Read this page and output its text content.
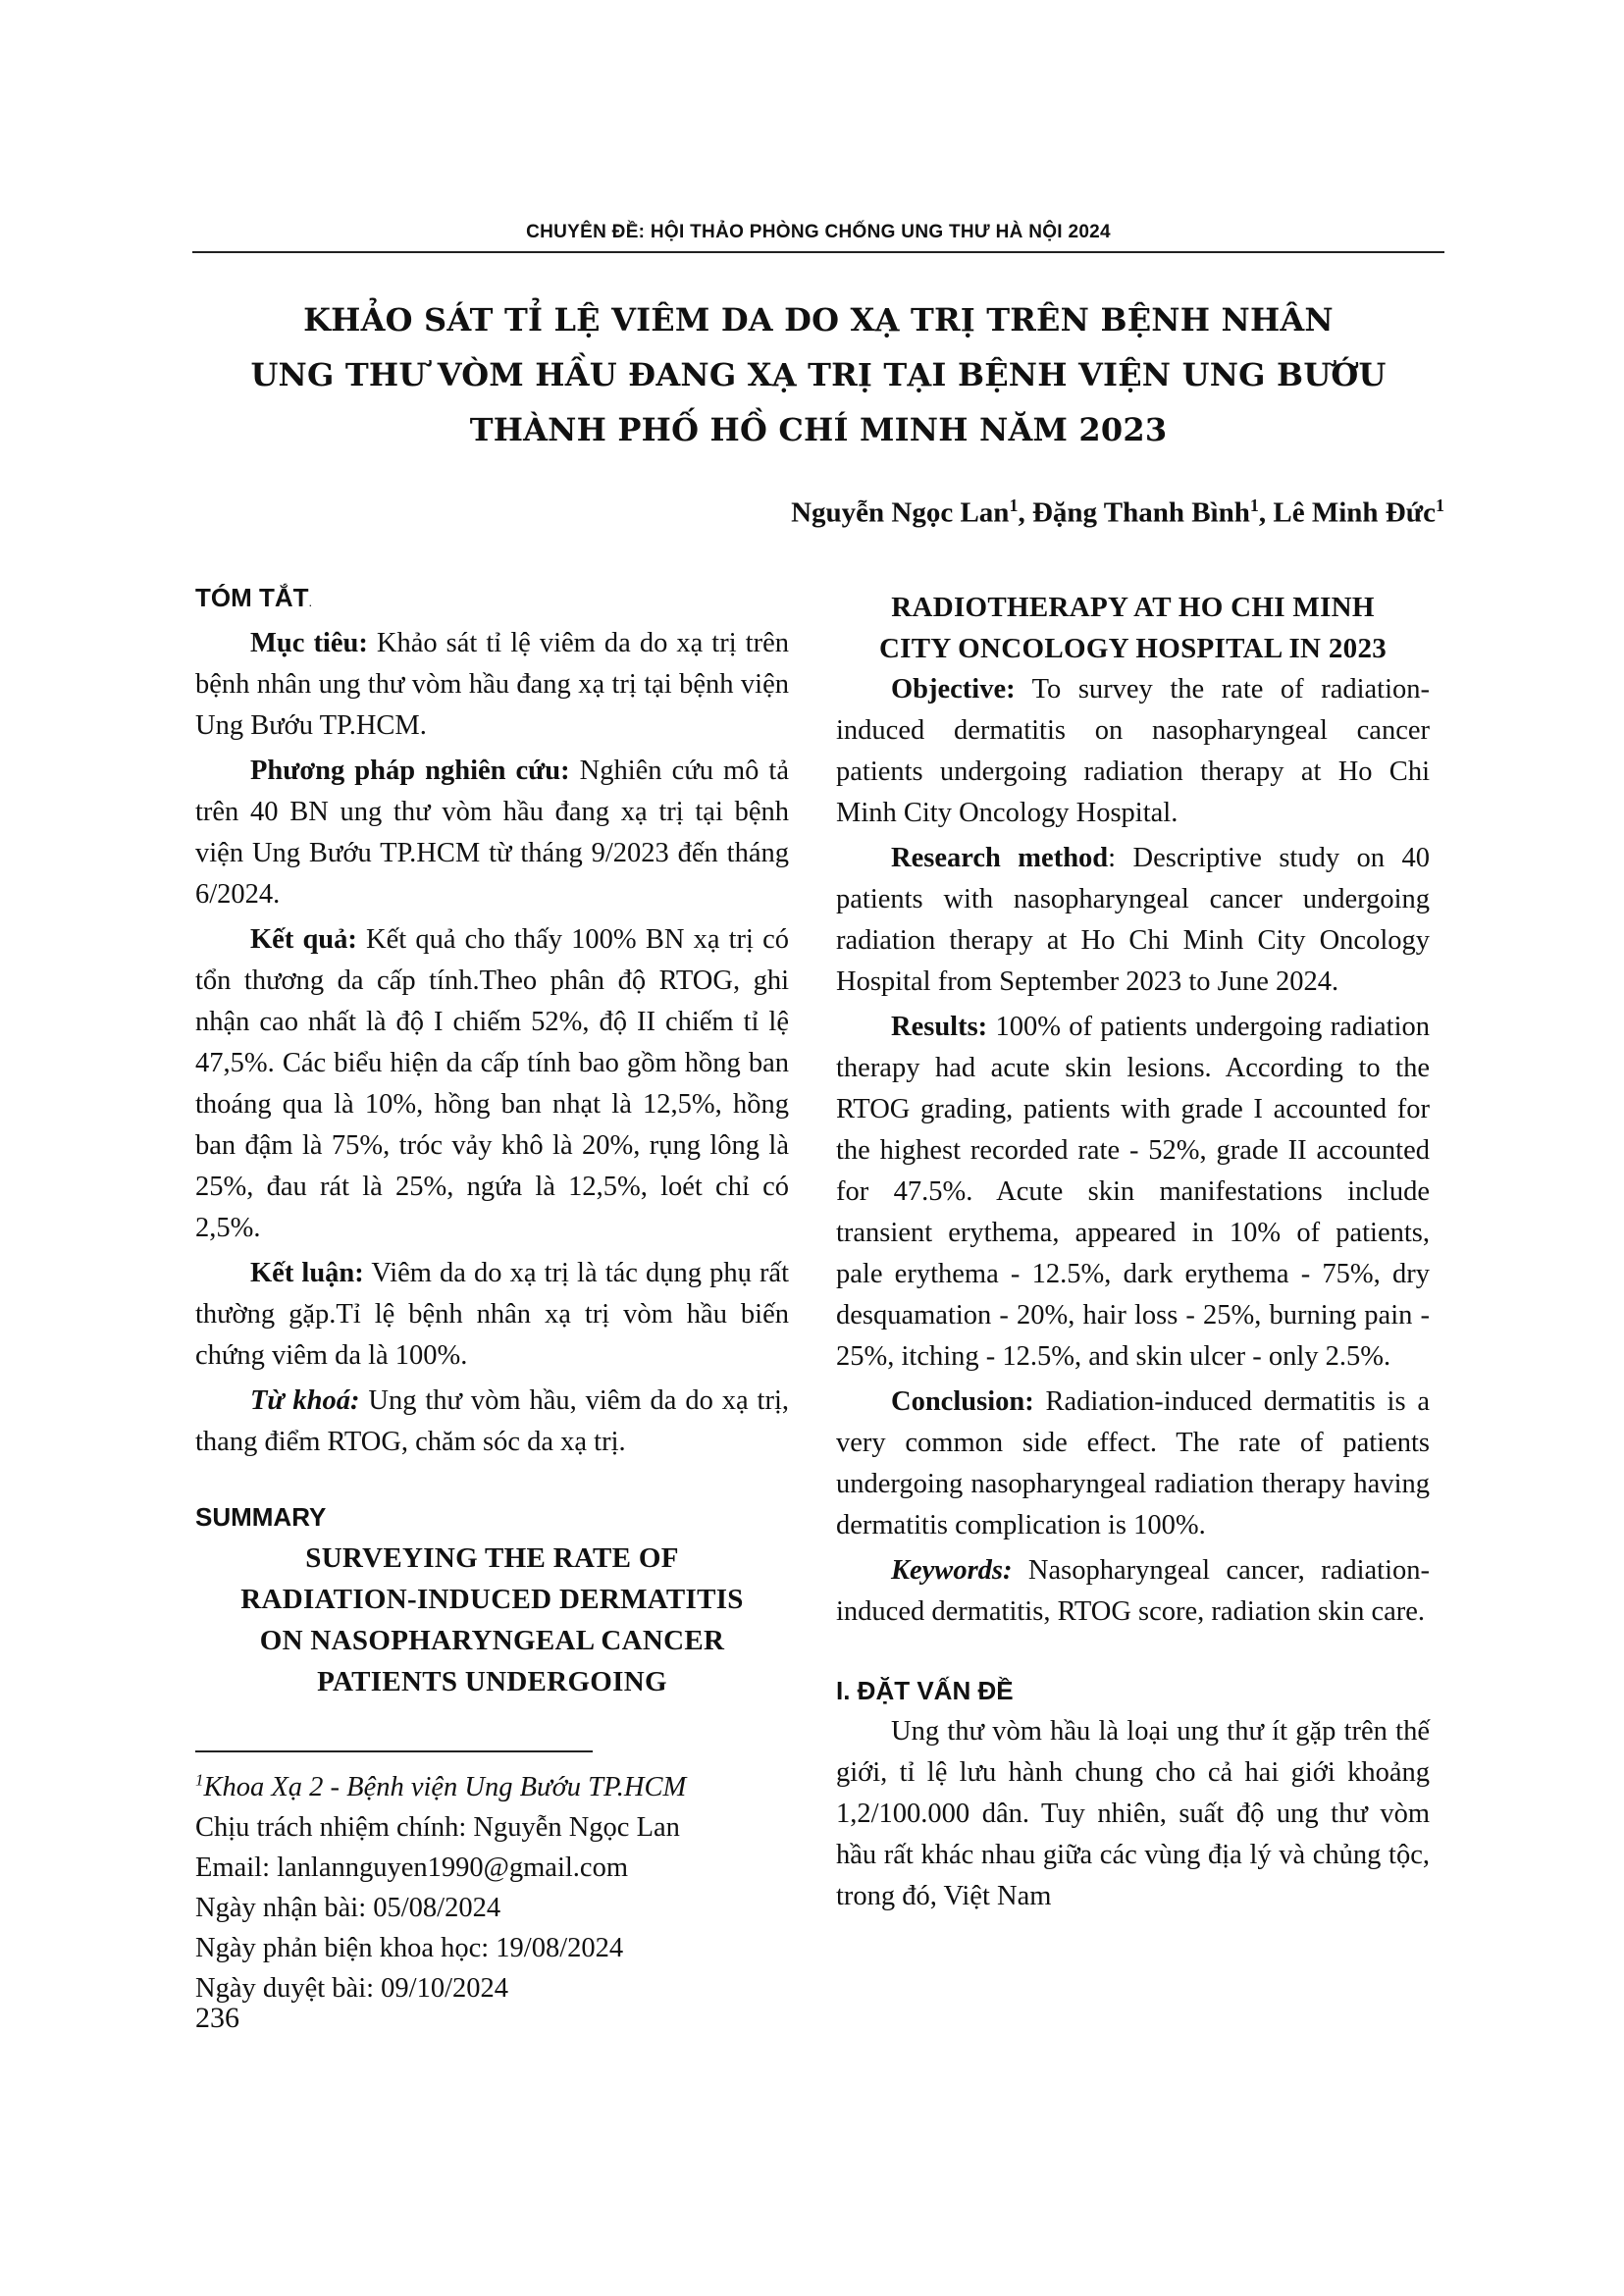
CHUYÊN ĐỀ: HỘI THẢO PHÒNG CHỐNG UNG THƯ HÀ NỘI 2024
KHẢO SÁT TỈ LỆ VIÊM DA DO XẠ TRỊ TRÊN BỆNH NHÂN
UNG THƯ VÒM HẦU ĐANG XẠ TRỊ TẠI BỆNH VIỆN UNG BƯỚU
THÀNH PHỐ HỒ CHÍ MINH NĂM 2023
Nguyễn Ngọc Lan$^1$, Đặng Thanh Bình$^1$, Lê Minh Đức$^1$
TÓM TẮT.

Mục tiêu: Khảo sát tỉ lệ viêm da do xạ trị trên bệnh nhân ung thư vòm hầu đang xạ trị tại bệnh viện Ung Bướu TP.HCM.

Phương pháp nghiên cứu: Nghiên cứu mô tả trên 40 BN ung thư vòm hầu đang xạ trị tại bệnh viện Ung Bướu TP.HCM từ tháng 9/2023 đến tháng 6/2024.

Kết quả: Kết quả cho thấy 100% BN xạ trị có tổn thương da cấp tính.Theo phân độ RTOG, ghi nhận cao nhất là độ I chiếm 52%, độ II chiếm tỉ lệ 47,5%. Các biểu hiện da cấp tính bao gồm hồng ban thoáng qua là 10%, hồng ban nhạt là 12,5%, hồng ban đậm là 75%, tróc vảy khô là 20%, rụng lông là 25%, đau rát là 25%, ngứa là 12,5%, loét chỉ có 2,5%.

Kết luận: Viêm da do xạ trị là tác dụng phụ rất thường gặp.Tỉ lệ bệnh nhân xạ trị vòm hầu biến chứng viêm da là 100%.

Từ khoá: Ung thư vòm hầu, viêm da do xạ trị, thang điểm RTOG, chăm sóc da xạ trị.

SUMMARY
SURVEYING THE RATE OF
RADIATION-INDUCED DERMATITIS
ON NASOPHARYNGEAL CANCER
PATIENTS UNDERGOING
$^1$Khoa Xạ 2 - Bệnh viện Ung Bướu TP.HCM
Chịu trách nhiệm chính: Nguyễn Ngọc Lan
Email: lanlannguyen1990@gmail.com
Ngày nhận bài: 05/08/2024
Ngày phản biện khoa học: 19/08/2024
Ngày duyệt bài: 09/10/2024
RADIOTHERAPY AT HO CHI MINH
CITY ONCOLOGY HOSPITAL IN 2023

Objective: To survey the rate of radiation-induced dermatitis on nasopharyngeal cancer patients undergoing radiation therapy at Ho Chi Minh City Oncology Hospital.

Research method: Descriptive study on 40 patients with nasopharyngeal cancer undergoing radiation therapy at Ho Chi Minh City Oncology Hospital from September 2023 to June 2024.

Results: 100% of patients undergoing radiation therapy had acute skin lesions. According to the RTOG grading, patients with grade I accounted for the highest recorded rate - 52%, grade II accounted for 47.5%. Acute skin manifestations include transient erythema, appeared in 10% of patients, pale erythema - 12.5%, dark erythema - 75%, dry desquamation - 20%, hair loss - 25%, burning pain - 25%, itching - 12.5%, and skin ulcer - only 2.5%.

Conclusion: Radiation-induced dermatitis is a very common side effect. The rate of patients undergoing nasopharyngeal radiation therapy having dermatitis complication is 100%.

Keywords: Nasopharyngeal cancer, radiation-induced dermatitis, RTOG score, radiation skin care.

I. ĐẶT VẤN ĐỀ

Ung thư vòm hầu là loại ung thư ít gặp trên thế giới, tỉ lệ lưu hành chung cho cả hai giới khoảng 1,2/100.000 dân. Tuy nhiên, suất độ ung thư vòm hầu rất khác nhau giữa các vùng địa lý và chủng tộc, trong đó, Việt Nam

236
